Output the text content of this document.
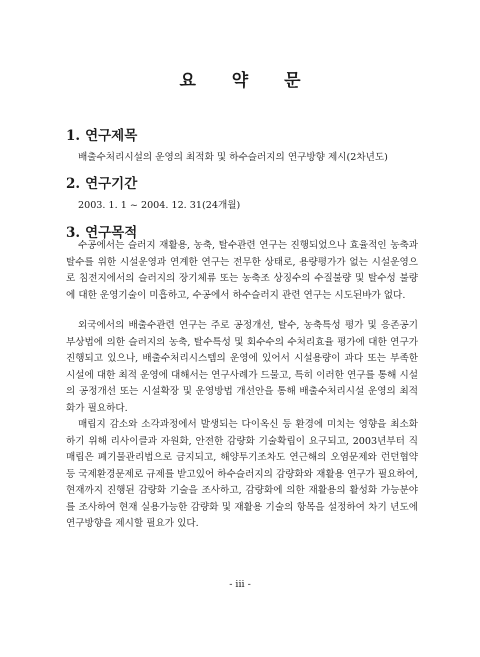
요 약 문
1. 연구제목
배출수처리시설의 운영의 최적화 및 하수슬러지의 연구방향 제시(2차년도)
2. 연구기간
2003. 1. 1 ~ 2004. 12. 31(24개월)
3. 연구목적

수공에서는 슬러지 재활용, 농축, 탈수관련 연구는 진행되었으나 효율적인 농축과 탈수를 위한 시설운영과 연계한 연구는 전무한 상태로, 용량평가가 없는 시설운영으로 침전지에서의 슬러지의 장기체류 또는 농축조 상징수의 수질불량 및 탈수성 불량에 대한 운영기술이 미흡하고, 수공에서 하수슬러지 관련 연구는 시도된바가 없다.

외국에서의 배출수관련 연구는 주로 공정개선, 탈수, 농축특성 평가 및 응존공기 부상법에 의한 슬러지의 농축, 탈수특성 및 회수수의 수처리효율 평가에 대한 연구가 진행되고 있으나, 배출수처리시스템의 운영에 있어서 시설용량이 과다 또는 부족한 시설에 대한 최적 운영에 대해서는 연구사례가 드물고, 특히 이러한 연구를 통해 시설의 공정개선 또는 시설확장 및 운영방법 개선안을 통해 배출수처리시설 운영의 최적화가 필요하다.

매립지 감소와 소각과정에서 발생되는 다이옥신 등 환경에 미치는 영향을 최소화 하기 위해 리사이클과 자원화, 안전한 감량화 기술확립이 요구되고, 2003년부터 직매립은 폐기물관리법으로 금지되고, 해양투기조차도 연근해의 오염문제와 런던협약 등 국제환경문제로 규제를 받고있어 하수슬러지의 감량화와 재활용 연구가 필요하여, 현재까지 진행된 감량화 기술을 조사하고, 감량화에 의한 재활용의 활성화 가능분야를 조사하여 현재 실용가능한 감량화 및 재활용 기술의 항목을 설정하여 차기 년도에 연구방향을 제시할 필요가 있다.

- iii -
